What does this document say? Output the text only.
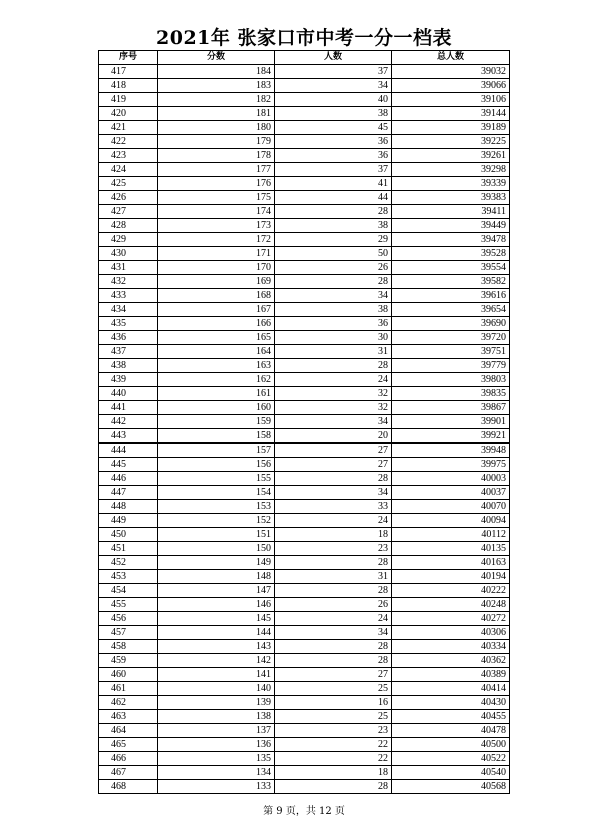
2021年 张家口市中考一分一档表
序号	分数	人数	总人数
417	184	37	39032
418	183	34	39066
419	182	40	39106
420	181	38	39144
421	180	45	39189
422	179	36	39225
423	178	36	39261
424	177	37	39298
425	176	41	39339
426	175	44	39383
427	174	28	39411
428	173	38	39449
429	172	29	39478
430	171	50	39528
431	170	26	39554
432	169	28	39582
433	168	34	39616
434	167	38	39654
435	166	36	39690
436	165	30	39720
437	164	31	39751
438	163	28	39779
439	162	24	39803
440	161	32	39835
441	160	32	39867
442	159	34	39901
443	158	20	39921
444	157	27	39948
445	156	27	39975
446	155	28	40003
447	154	34	40037
448	153	33	40070
449	152	24	40094
450	151	18	40112
451	150	23	40135
452	149	28	40163
453	148	31	40194
454	147	28	40222
455	146	26	40248
456	145	24	40272
457	144	34	40306
458	143	28	40334
459	142	28	40362
460	141	27	40389
461	140	25	40414
462	139	16	40430
463	138	25	40455
464	137	23	40478
465	136	22	40500
466	135	22	40522
467	134	18	40540
468	133	28	40568
第 9 页，共 12 页
